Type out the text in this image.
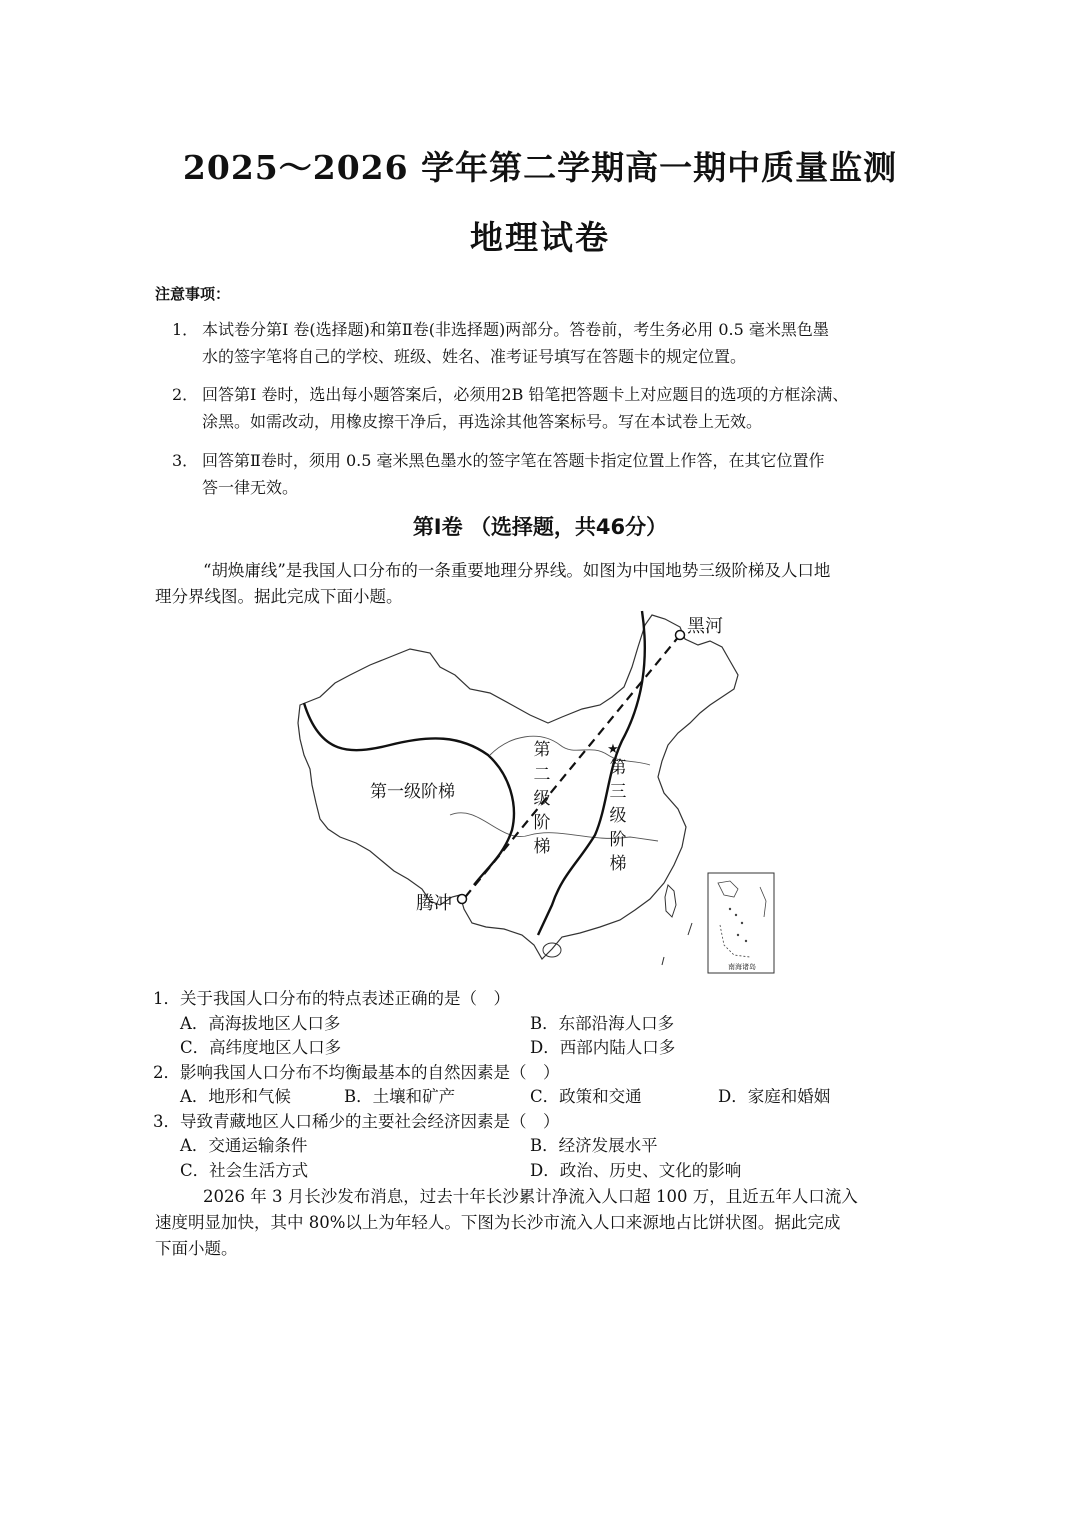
2025～2026 学年第二学期高一期中质量监测
地理试卷
注意事项：
1． 本试卷分第I 卷(选择题)和第Ⅱ卷(非选择题)两部分。答卷前，考生务必用 0.5 毫米黑色墨
水的签字笔将自己的学校、班级、姓名、准考证号填写在答题卡的规定位置。
2． 回答第I 卷时，选出每小题答案后，必须用2B 铅笔把答题卡上对应题目的选项的方框涂满、
涂黑。如需改动，用橡皮擦干净后，再选涂其他答案标号。写在本试卷上无效。
3． 回答第Ⅱ卷时，须用 0.5 毫米黑色墨水的签字笔在答题卡指定位置上作答，在其它位置作
答一律无效。
第Ⅰ卷 （选择题，共46分）
“胡焕庸线”是我国人口分布的一条重要地理分界线。如图为中国地势三级阶梯及人口地
理分界线图。据此完成下面小题。
★
黑河
腾冲
第一级阶梯
第
二
级
阶
梯
第
三
级
阶
梯
南海诸岛
1．关于我国人口分布的特点表述正确的是（　）
A．高海拔地区人口多	B．东部沿海人口多
C．高纬度地区人口多	D．西部内陆人口多
2．影响我国人口分布不均衡最基本的自然因素是（　）
A．地形和气候	B．土壤和矿产	C．政策和交通	D．家庭和婚姻
3．导致青藏地区人口稀少的主要社会经济因素是（　）
A．交通运输条件	B．经济发展水平
C．社会生活方式	D．政治、历史、文化的影响
2026 年 3 月长沙发布消息，过去十年长沙累计净流入人口超 100 万，且近五年人口流入
速度明显加快，其中 80%以上为年轻人。下图为长沙市流入人口来源地占比饼状图。据此完成
下面小题。
